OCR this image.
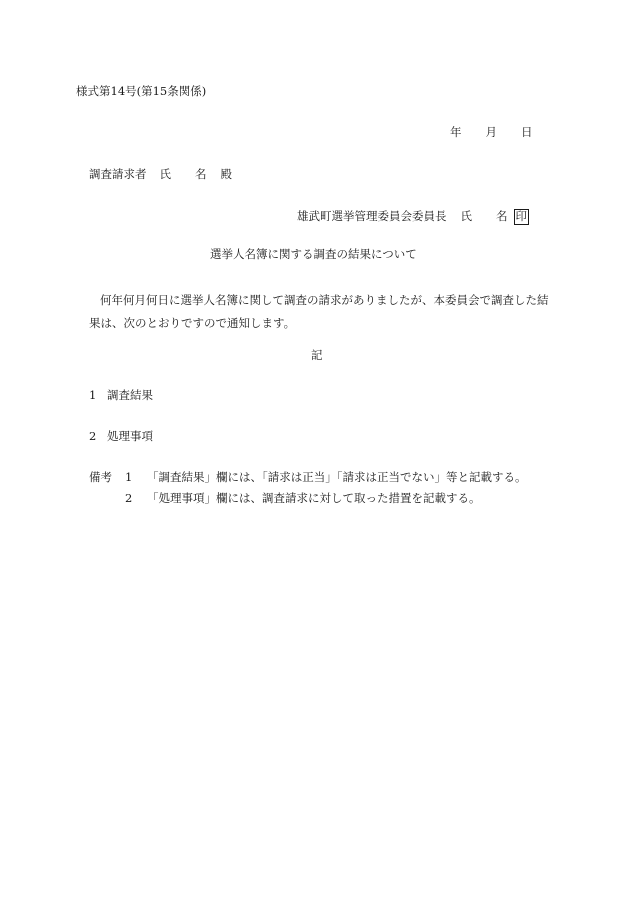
様式第14号(第15条関係)
年 月 日
調査請求者 氏 名 殿
雄武町選挙管理委員会委員長 氏 名 印
選挙人名簿に関する調査の結果について
何年何月何日に選挙人名簿に関して調査の請求がありましたが、本委員会で調査した結果は、次のとおりですので通知します。
記
1 調査結果
2 処理事項
備考 1 「調査結果」欄には、「請求は正当」「請求は正当でない」等と記載する。
2 「処理事項」欄には、調査請求に対して取った措置を記載する。
